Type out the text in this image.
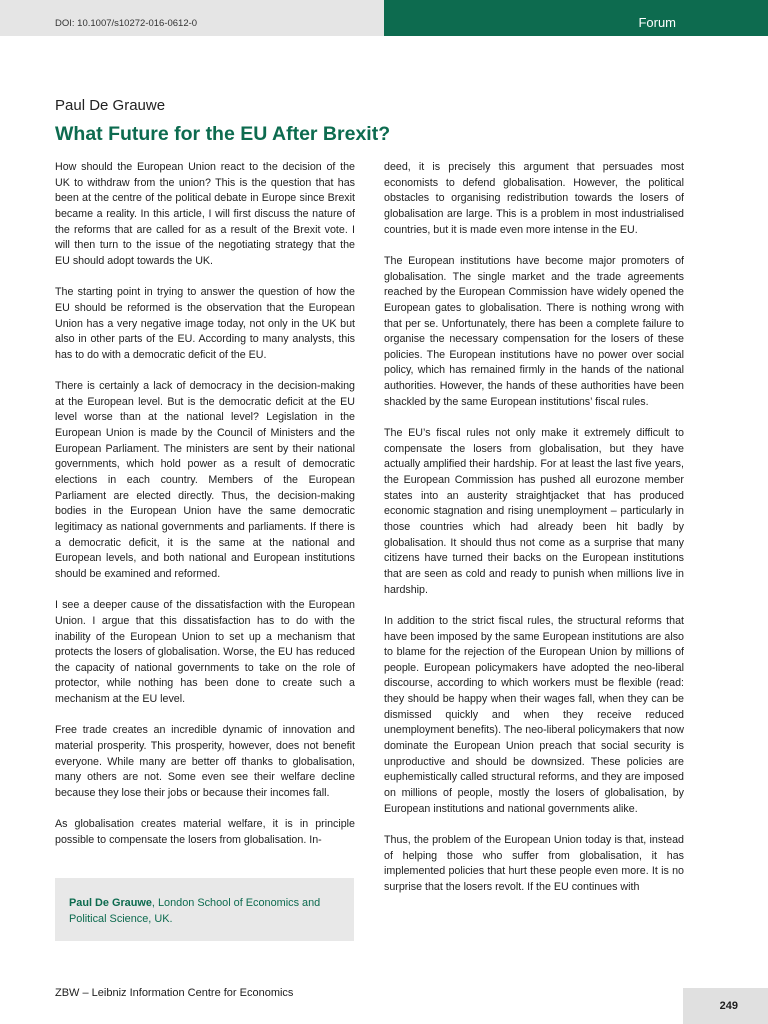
DOI: 10.1007/s10272-016-0612-0	Forum
Paul De Grauwe
What Future for the EU After Brexit?

How should the European Union react to the decision of the UK to withdraw from the union? This is the question that has been at the centre of the political debate in Europe since Brexit became a reality. In this article, I will first discuss the nature of the reforms that are called for as a result of the Brexit vote. I will then turn to the issue of the negotiating strategy that the EU should adopt towards the UK.

The starting point in trying to answer the question of how the EU should be reformed is the observation that the European Union has a very negative image today, not only in the UK but also in other parts of the EU. According to many analysts, this has to do with a democratic deficit of the EU.

There is certainly a lack of democracy in the decision-making at the European level. But is the democratic deficit at the EU level worse than at the national level? Legislation in the European Union is made by the Council of Ministers and the European Parliament. The ministers are sent by their national governments, which hold power as a result of democratic elections in each country. Members of the European Parliament are elected directly. Thus, the decision-making bodies in the European Union have the same democratic legitimacy as national governments and parliaments. If there is a democratic deficit, it is the same at the national and European levels, and both national and European institutions should be examined and reformed.

I see a deeper cause of the dissatisfaction with the European Union. I argue that this dissatisfaction has to do with the inability of the European Union to set up a mechanism that protects the losers of globalisation. Worse, the EU has reduced the capacity of national governments to take on the role of protector, while nothing has been done to create such a mechanism at the EU level.

Free trade creates an incredible dynamic of innovation and material prosperity. This prosperity, however, does not benefit everyone. While many are better off thanks to globalisation, many others are not. Some even see their welfare decline because they lose their jobs or because their incomes fall.

As globalisation creates material welfare, it is in principle possible to compensate the losers from globalisation. In-

deed, it is precisely this argument that persuades most economists to defend globalisation. However, the political obstacles to organising redistribution towards the losers of globalisation are large. This is a problem in most industrialised countries, but it is made even more intense in the EU.

The European institutions have become major promoters of globalisation. The single market and the trade agreements reached by the European Commission have widely opened the European gates to globalisation. There is nothing wrong with that per se. Unfortunately, there has been a complete failure to organise the necessary compensation for the losers of these policies. The European institutions have no power over social policy, which has remained firmly in the hands of the national authorities. However, the hands of these authorities have been shackled by the same European institutions’ fiscal rules.

The EU’s fiscal rules not only make it extremely difficult to compensate the losers from globalisation, but they have actually amplified their hardship. For at least the last five years, the European Commission has pushed all eurozone member states into an austerity straightjacket that has produced economic stagnation and rising unemployment – particularly in those countries which had already been hit badly by globalisation. It should thus not come as a surprise that many citizens have turned their backs on the European institutions that are seen as cold and ready to punish when millions live in hardship.

In addition to the strict fiscal rules, the structural reforms that have been imposed by the same European institutions are also to blame for the rejection of the European Union by millions of people. European policymakers have adopted the neo-liberal discourse, according to which workers must be flexible (read: they should be happy when their wages fall, when they can be dismissed quickly and when they receive reduced unemployment benefits). The neo-liberal policymakers that now dominate the European Union preach that social security is unproductive and should be downsized. These policies are euphemistically called structural reforms, and they are imposed on millions of people, mostly the losers of globalisation, by European institutions and national governments alike.

Thus, the problem of the European Union today is that, instead of helping those who suffer from globalisation, it has implemented policies that hurt these people even more. It is no surprise that the losers revolt. If the EU continues with

Paul De Grauwe, London School of Economics and Political Science, UK.
ZBW – Leibniz Information Centre for Economics
249
